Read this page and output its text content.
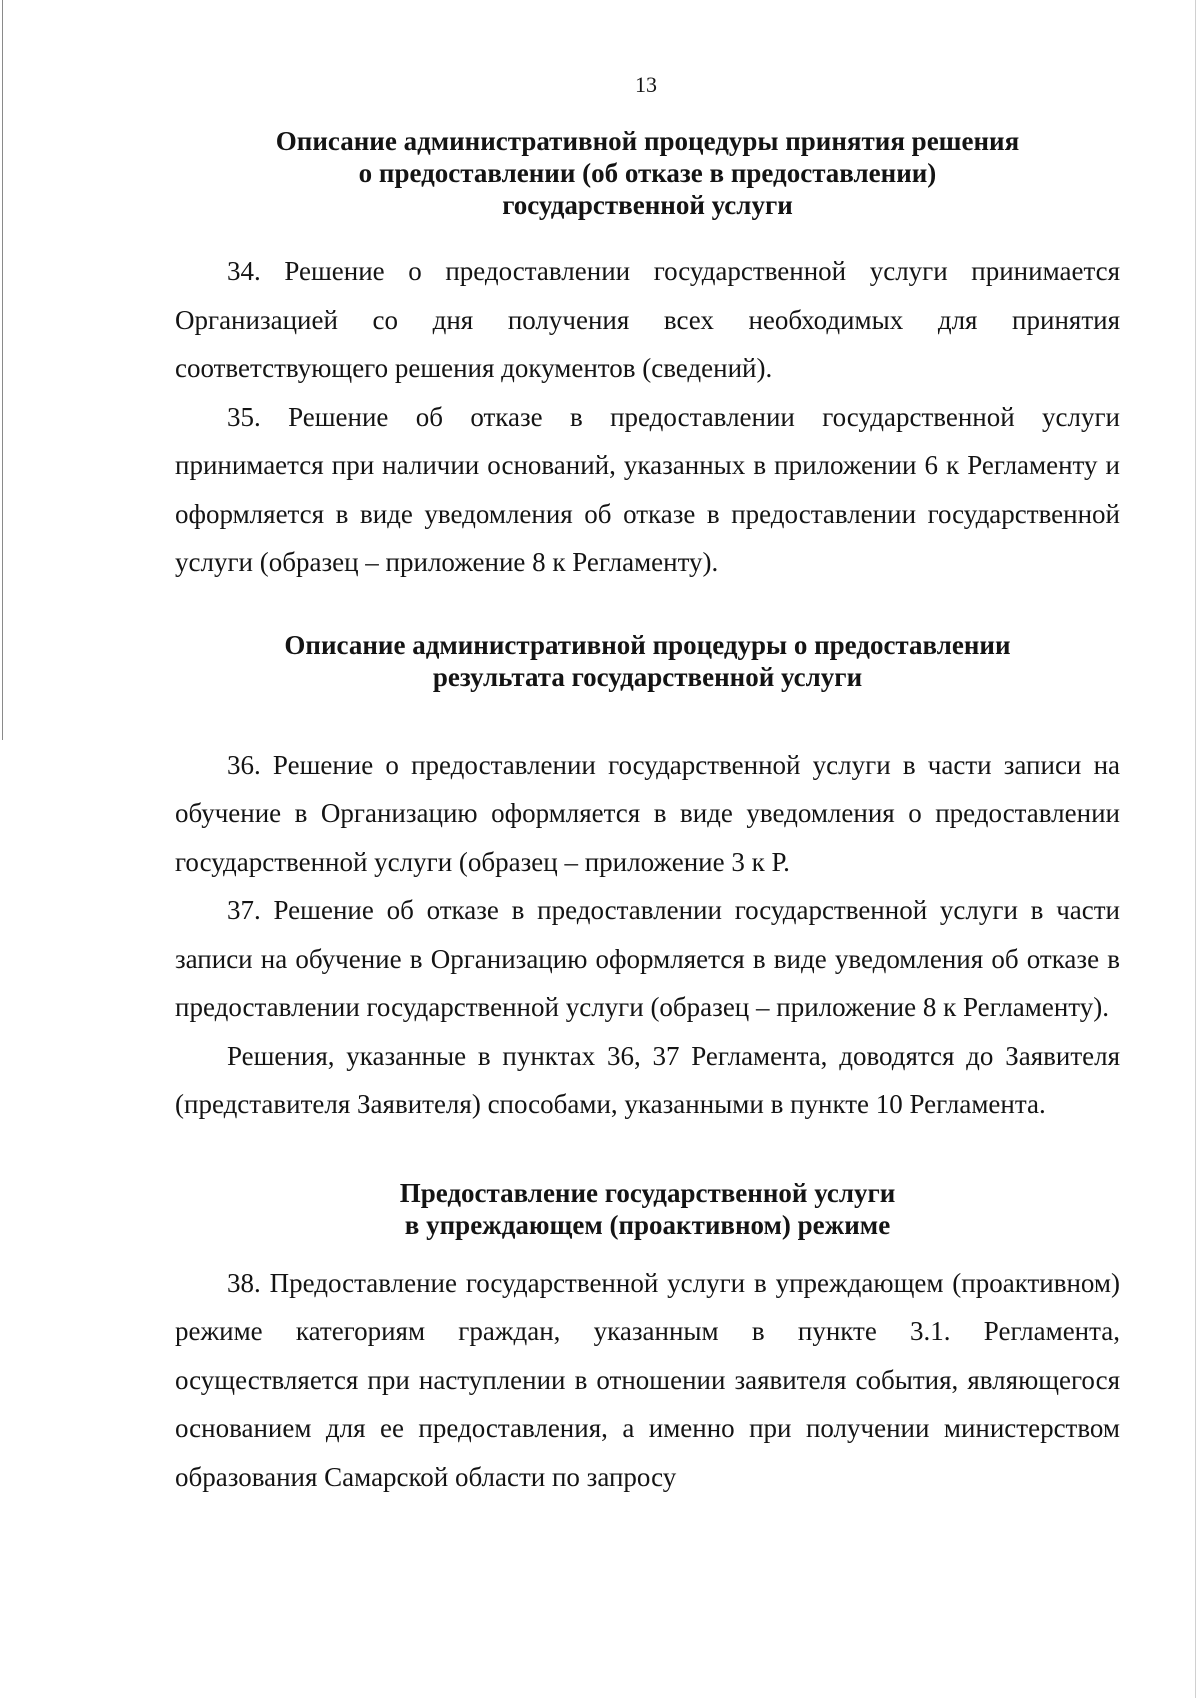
13
Описание административной процедуры принятия решения
о предоставлении (об отказе в предоставлении)
государственной услуги

34. Решение о предоставлении государственной услуги принимается Организацией со дня получения всех необходимых для принятия соответствующего решения документов (сведений).

35. Решение об отказе в предоставлении государственной услуги принимается при наличии оснований, указанных в приложении 6 к Регламенту и оформляется в виде уведомления об отказе в предоставлении государственной услуги (образец – приложение 8 к Регламенту).

Описание административной процедуры о предоставлении
результата государственной услуги

36. Решение о предоставлении государственной услуги в части записи на обучение в Организацию оформляется в виде уведомления о предоставлении государственной услуги (образец – приложение 3 к Р.

37. Решение об отказе в предоставлении государственной услуги в части записи на обучение в Организацию оформляется в виде уведомления об отказе в предоставлении государственной услуги (образец – приложение 8 к Регламенту).

Решения, указанные в пунктах 36, 37 Регламента, доводятся до Заявителя (представителя Заявителя) способами, указанными в пункте 10 Регламента.

Предоставление государственной услуги
в упреждающем (проактивном) режиме

38. Предоставление государственной услуги в упреждающем (проактивном) режиме категориям граждан, указанным в пункте 3.1. Регламента, осуществляется при наступлении в отношении заявителя события, являющегося основанием для ее предоставления, а именно при получении министерством образования Самарской области по запросу
